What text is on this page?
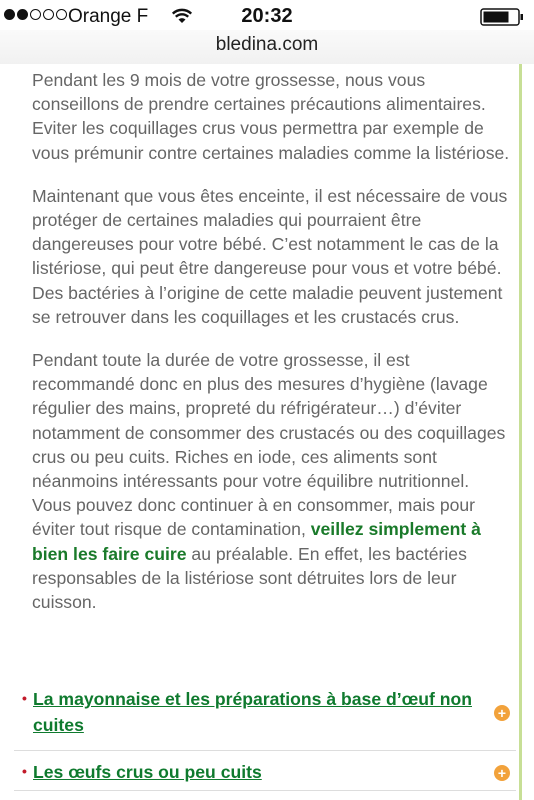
Orange F	20:32
bledina.com

Pendant les 9 mois de votre grossesse, nous vous conseillons de prendre certaines précautions alimentaires. Eviter les coquillages crus vous permettra par exemple de vous prémunir contre certaines maladies comme la listériose.

Maintenant que vous êtes enceinte, il est nécessaire de vous protéger de certaines maladies qui pourraient être dangereuses pour votre bébé. C’est notamment le cas de la listériose, qui peut être dangereuse pour vous et votre bébé. Des bactéries à l’origine de cette maladie peuvent justement se retrouver dans les coquillages et les crustacés crus.

Pendant toute la durée de votre grossesse, il est recommandé donc en plus des mesures d’hygiène (lavage régulier des mains, propreté du réfrigérateur…) d’éviter notamment de consommer des crustacés ou des coquillages crus ou peu cuits. Riches en iode, ces aliments sont néanmoins intéressants pour votre équilibre nutritionnel. Vous pouvez donc continuer à en consommer, mais pour éviter tout risque de contamination, veillez simplement à bien les faire cuire au préalable. En effet, les bactéries responsables de la listériose sont détruites lors de leur cuisson.

• La mayonnaise et les préparations à base d’œuf non cuites
+
• Les œufs crus ou peu cuits	+
